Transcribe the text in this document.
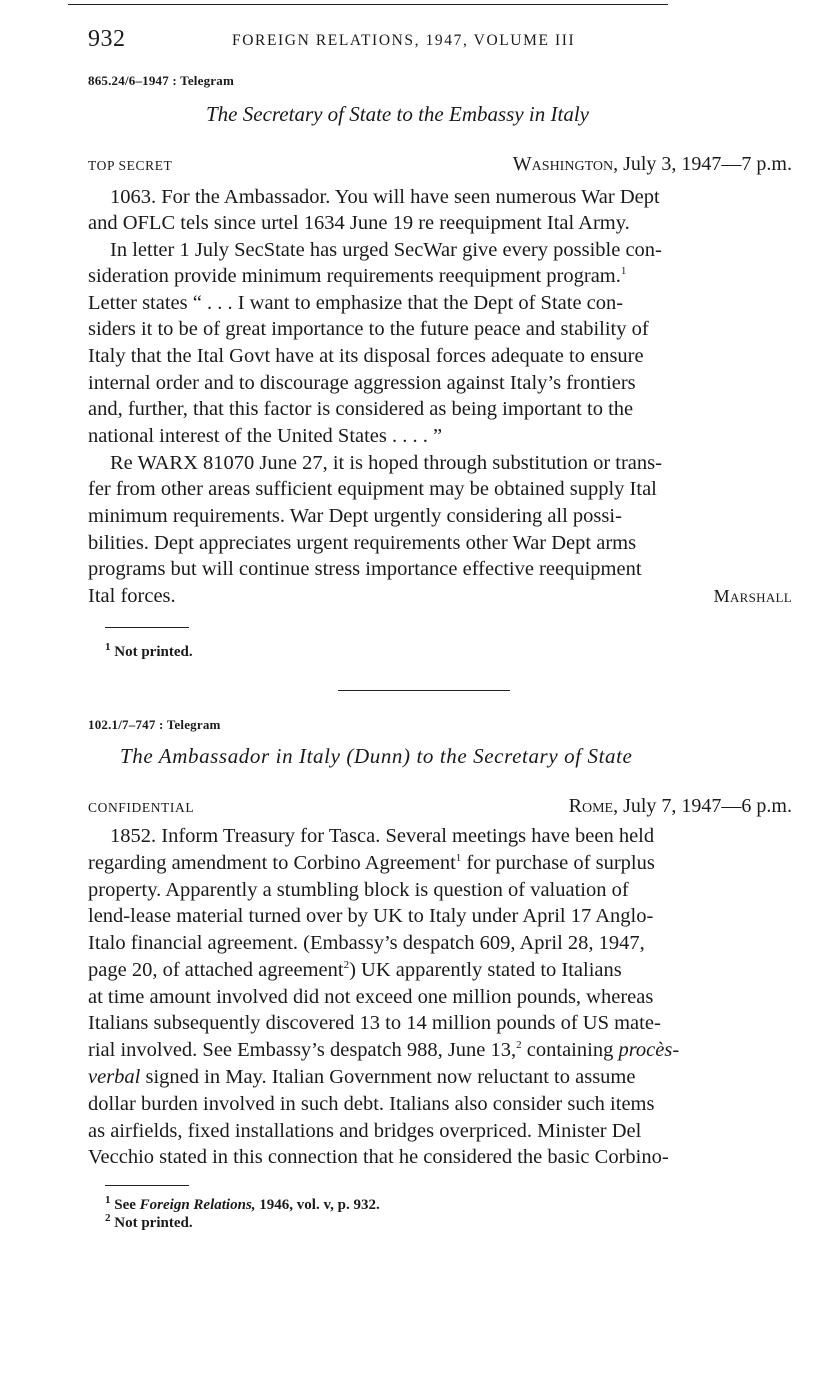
932	FOREIGN RELATIONS, 1947, VOLUME III
865.24/6–1947 : Telegram
The Secretary of State to the Embassy in Italy
TOP SECRET	Washington, July 3, 1947—7 p.m.
1063. For the Ambassador. You will have seen numerous War Dept
and OFLC tels since urtel 1634 June 19 re reequipment Ital Army.
In letter 1 July SecState has urged SecWar give every possible con-
sideration provide minimum requirements reequipment program.$^1$
Letter states “ . . . I want to emphasize that the Dept of State con-
siders it to be of great importance to the future peace and stability of
Italy that the Ital Govt have at its disposal forces adequate to ensure
internal order and to discourage aggression against Italy’s frontiers
and, further, that this factor is considered as being important to the
national interest of the United States . . . . ”
Re WARX 81070 June 27, it is hoped through substitution or trans-
fer from other areas sufficient equipment may be obtained supply Ital
minimum requirements. War Dept urgently considering all possi-
bilities. Dept appreciates urgent requirements other War Dept arms
programs but will continue stress importance effective reequipment
Ital forces.	Marshall
$^1$ Not printed.
102.1/7–747 : Telegram
The Ambassador in Italy (Dunn) to the Secretary of State
CONFIDENTIAL	Rome, July 7, 1947—6 p.m.
1852. Inform Treasury for Tasca. Several meetings have been held
regarding amendment to Corbino Agreement$^1$ for purchase of surplus
property. Apparently a stumbling block is question of valuation of
lend-lease material turned over by UK to Italy under April 17 Anglo-
Italo financial agreement. (Embassy’s despatch 609, April 28, 1947,
page 20, of attached agreement$^2$) UK apparently stated to Italians
at time amount involved did not exceed one million pounds, whereas
Italians subsequently discovered 13 to 14 million pounds of US mate-
rial involved. See Embassy’s despatch 988, June 13,$^2$ containing procès-
verbal signed in May. Italian Government now reluctant to assume
dollar burden involved in such debt. Italians also consider such items
as airfields, fixed installations and bridges overpriced. Minister Del
Vecchio stated in this connection that he considered the basic Corbino-
$^1$ See Foreign Relations, 1946, vol. v, p. 932.
$^2$ Not printed.
